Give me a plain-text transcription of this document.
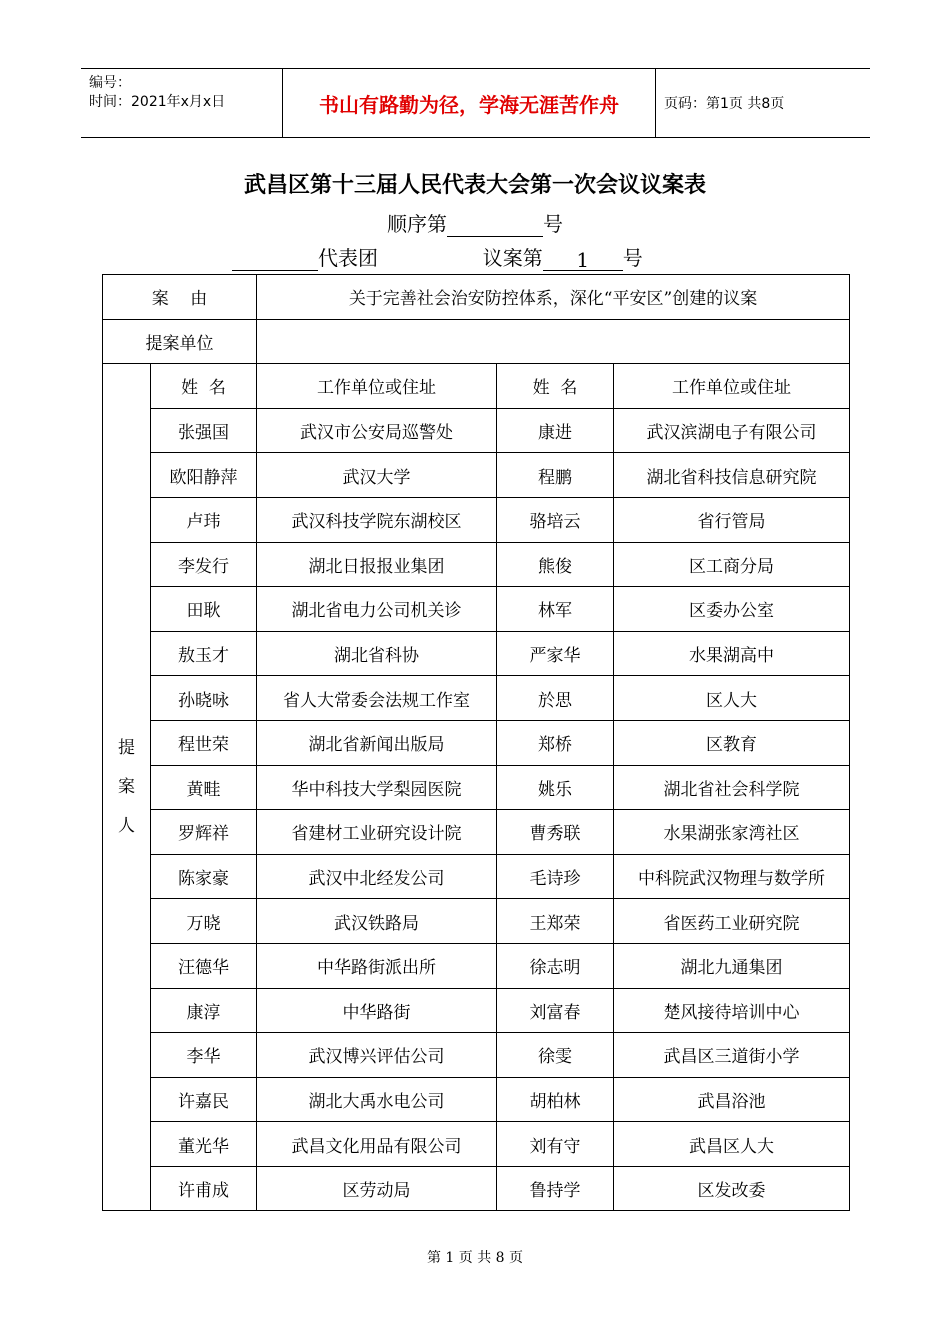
编号：
时间：2021年x月x日	书山有路勤为径，学海无涯苦作舟	页码：第1页 共8页
武昌区第十三届人民代表大会第一次会议议案表
顺序第	号
代表团	议案第 1 号
案    由		关于完善社会治安防控体系，深化“平安区”创建的议案		
提案单位				

提
案
人	姓  名	工作单位或住址	姓  名	工作单位或住址
	张强国	武汉市公安局巡警处	康进	武汉滨湖电子有限公司
	欧阳静萍	武汉大学	程鹏	湖北省科技信息研究院
	卢玮	武汉科技学院东湖校区	骆培云	省行管局
	李发行	湖北日报报业集团	熊俊	区工商分局
	田耿	湖北省电力公司机关诊	林军	区委办公室
	敖玉才	湖北省科协	严家华	水果湖高中
	孙晓咏	省人大常委会法规工作室	於思	区人大
	程世荣	湖北省新闻出版局	郑桥	区教育
	黄畦	华中科技大学梨园医院	姚乐	湖北省社会科学院
	罗辉祥	省建材工业研究设计院	曹秀联	水果湖张家湾社区
	陈家豪	武汉中北经发公司	毛诗珍	中科院武汉物理与数学所
	万晓	武汉铁路局	王郑荣	省医药工业研究院
	汪德华	中华路街派出所	徐志明	湖北九通集团
	康淳	中华路街	刘富春	楚风接待培训中心
	李华	武汉博兴评估公司	徐雯	武昌区三道街小学
	许嘉民	湖北大禹水电公司	胡柏林	武昌浴池
	董光华	武昌文化用品有限公司	刘有守	武昌区人大
	许甫成	区劳动局	鲁持学	区发改委
第 1 页 共 8 页
